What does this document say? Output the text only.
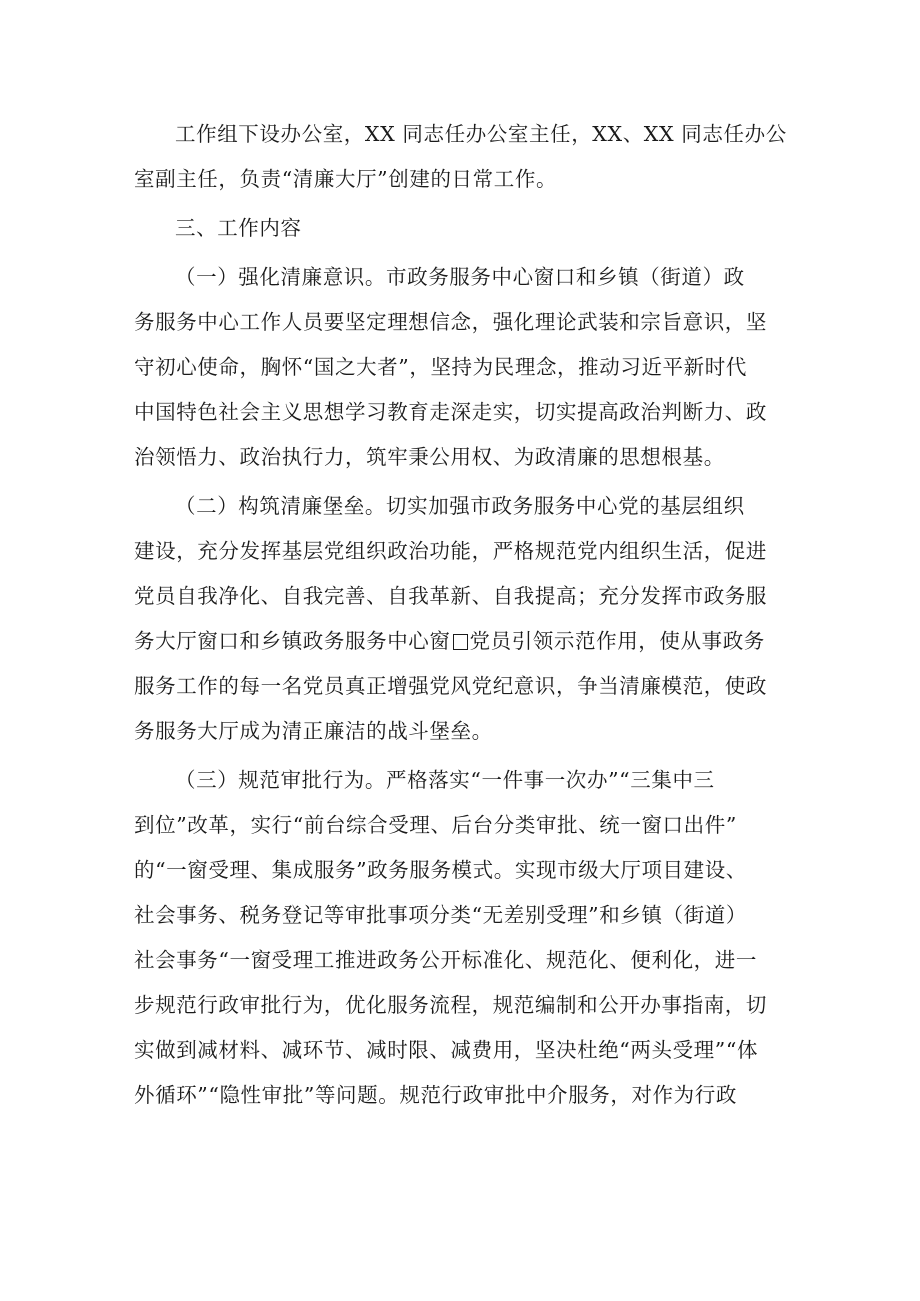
工作组下设办公室，XX 同志任办公室主任，XX、XX 同志任办公
室副主任，负责“清廉大厅”创建的日常工作。
三、工作内容
（一）强化清廉意识。市政务服务中心窗口和乡镇（街道）政
务服务中心工作人员要坚定理想信念，强化理论武装和宗旨意识，坚
守初心使命，胸怀“国之大者”，坚持为民理念，推动习近平新时代
中国特色社会主义思想学习教育走深走实，切实提高政治判断力、政
治领悟力、政治执行力，筑牢秉公用权、为政清廉的思想根基。
（二）构筑清廉堡垒。切实加强市政务服务中心党的基层组织
建设，充分发挥基层党组织政治功能，严格规范党内组织生活，促进
党员自我净化、自我完善、自我革新、自我提高；充分发挥市政务服
务大厅窗口和乡镇政务服务中心窗 党员引领示范作用，使从事政务
服务工作的每一名党员真正增强党风党纪意识，争当清廉模范，使政
务服务大厅成为清正廉洁的战斗堡垒。
（三）规范审批行为。严格落实“一件事一次办”“三集中三
到位”改革，实行“前台综合受理、后台分类审批、统一窗口出件”
的“一窗受理、集成服务”政务服务模式。实现市级大厅项目建设、
社会事务、税务登记等审批事项分类“无差别受理”和乡镇（街道）
社会事务“一窗受理工推进政务公开标准化、规范化、便利化，进一
步规范行政审批行为，优化服务流程，规范编制和公开办事指南，切
实做到减材料、减环节、减时限、减费用，坚决杜绝“两头受理”“体
外循环”“隐性审批”等问题。规范行政审批中介服务，对作为行政
